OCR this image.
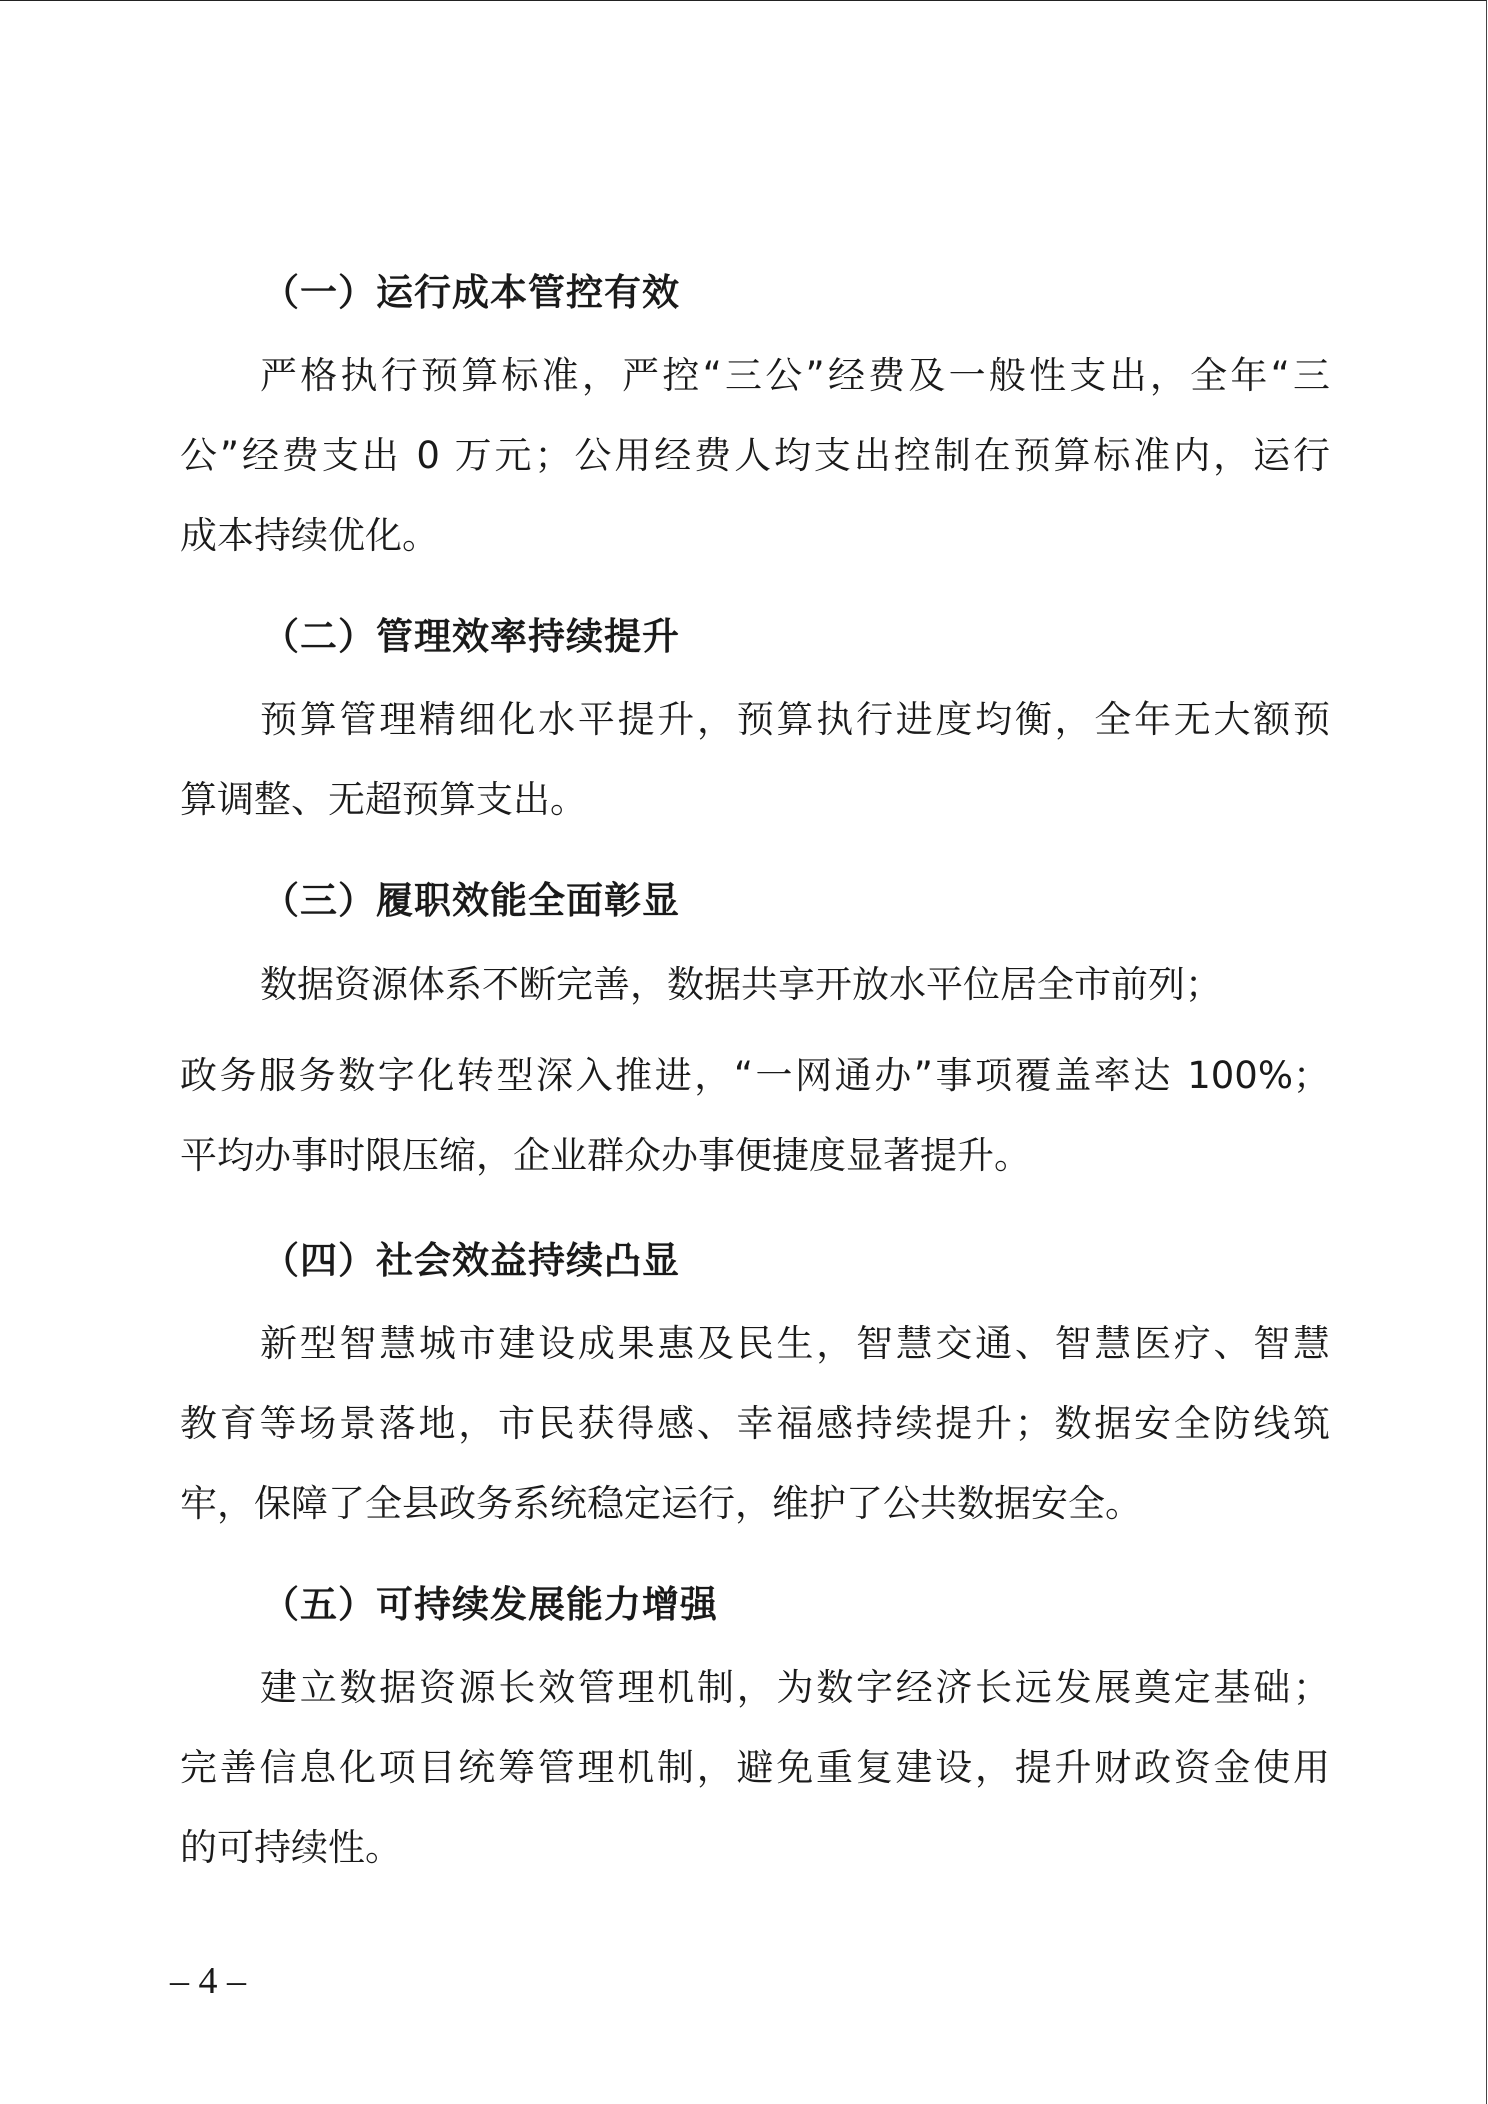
（一）运行成本管控有效
严格执行预算标准，严控“三公”经费及一般性支出，全年“三
公”经费支出 0 万元；公用经费人均支出控制在预算标准内，运行
成本持续优化。
（二）管理效率持续提升
预算管理精细化水平提升，预算执行进度均衡，全年无大额预
算调整、无超预算支出。
（三）履职效能全面彰显
数据资源体系不断完善，数据共享开放水平位居全市前列；
政务服务数字化转型深入推进，“一网通办”事项覆盖率达 100%；
平均办事时限压缩，企业群众办事便捷度显著提升。
（四）社会效益持续凸显
新型智慧城市建设成果惠及民生，智慧交通、智慧医疗、智慧
教育等场景落地，市民获得感、幸福感持续提升；数据安全防线筑
牢，保障了全县政务系统稳定运行，维护了公共数据安全。
（五）可持续发展能力增强
建立数据资源长效管理机制，为数字经济长远发展奠定基础；
完善信息化项目统筹管理机制，避免重复建设，提升财政资金使用
的可持续性。
– 4 –
